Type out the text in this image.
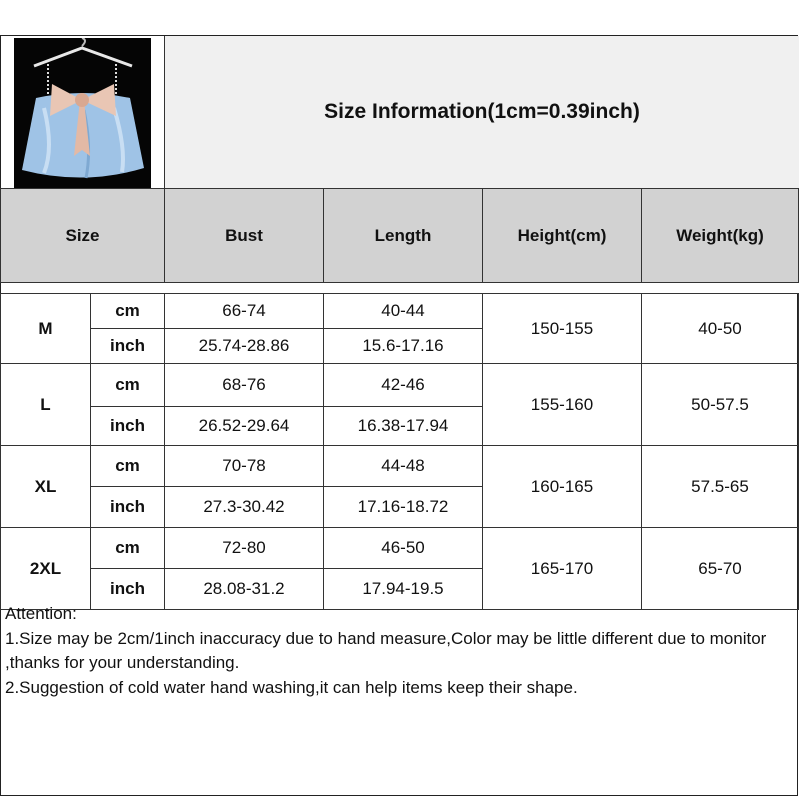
Size Information(1cm=0.39inch)
Size		Bust	Length	Height(cm)	Weight(kg)

M	cm	66-74	40-44	150-155	40-50
	inch	25.74-28.86	15.6-17.16		
L	cm	68-76	42-46	155-160	50-57.5
	inch	26.52-29.64	16.38-17.94		
XL	cm	70-78	44-48	160-165	57.5-65
	inch	27.3-30.42	17.16-18.72		
2XL	cm	72-80	46-50	165-170	65-70
	inch	28.08-31.2	17.94-19.5		
Attention:
1.Size may be 2cm/1inch inaccuracy due to hand measure,Color may be little different due to monitor ,thanks for your understanding.
2.Suggestion of cold water hand washing,it can help items keep their shape.
